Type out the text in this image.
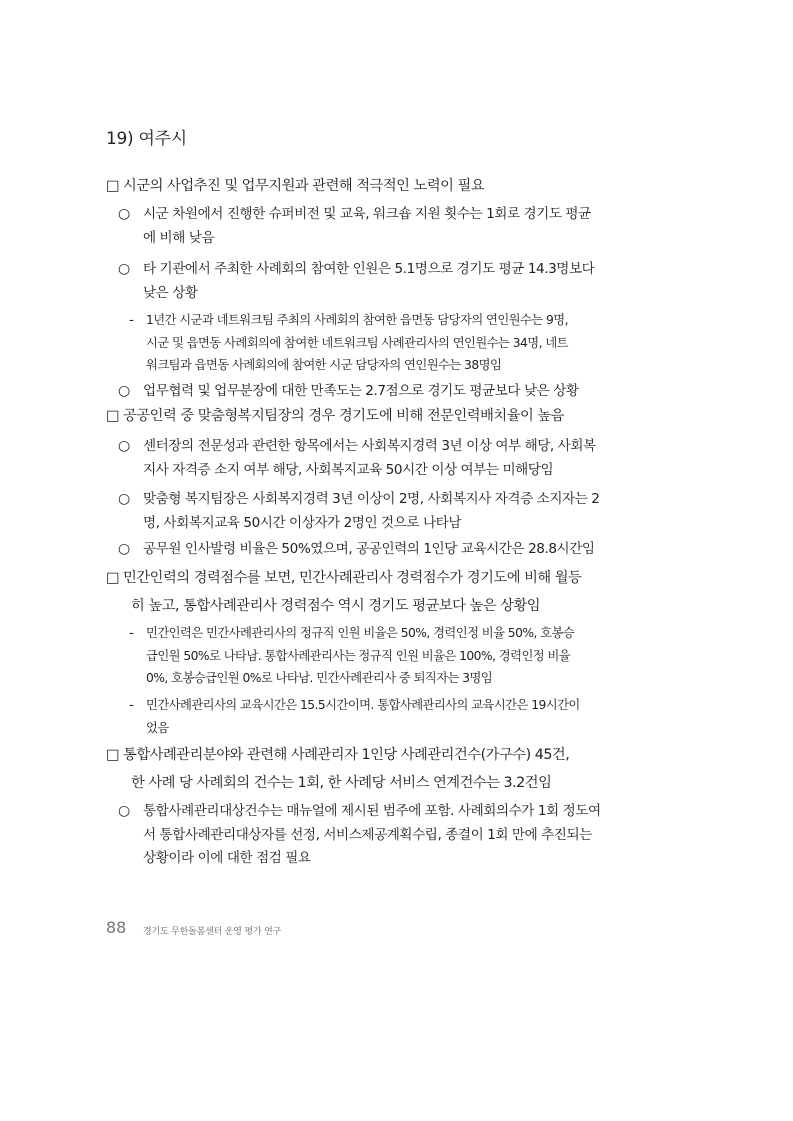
19) 여주시
□ 시군의 사업추진 및 업무지원과 관련해 적극적인 노력이 필요
○ 시군 차원에서 진행한 슈퍼비전 및 교육, 워크숍 지원 횟수는 1회로 경기도 평균
에 비해 낮음
○ 타 기관에서 주최한 사례회의 참여한 인원은 5.1명으로 경기도 평균 14.3명보다
낮은 상황
- 1년간 시군과 네트워크팀 주최의 사례회의 참여한 읍면동 담당자의 연인원수는 9명,
시군 및 읍면동 사례회의에 참여한 네트워크팀 사례관리사의 연인원수는 34명, 네트
워크팀과 읍면동 사례회의에 참여한 시군 담당자의 연인원수는 38명임
○ 업무협력 및 업무분장에 대한 만족도는 2.7점으로 경기도 평균보다 낮은 상황
□ 공공인력 중 맞춤형복지팀장의 경우 경기도에 비해 전문인력배치율이 높음
○ 센터장의 전문성과 관련한 항목에서는 사회복지경력 3년 이상 여부 해당, 사회복
지사 자격증 소지 여부 해당, 사회복지교육 50시간 이상 여부는 미해당임
○ 맞춤형 복지팀장은 사회복지경력 3년 이상이 2명, 사회복지사 자격증 소지자는 2
명, 사회복지교육 50시간 이상자가 2명인 것으로 나타남
○ 공무원 인사발령 비율은 50%였으며, 공공인력의 1인당 교육시간은 28.8시간임
□ 민간인력의 경력점수를 보면, 민간사례관리사 경력점수가 경기도에 비해 월등
히 높고, 통합사례관리사 경력점수 역시 경기도 평균보다 높은 상황임
- 민간인력은 민간사례관리사의 정규직 인원 비율은 50%, 경력인정 비율 50%, 호봉승
급인원 50%로 나타남. 통합사례관리사는 정규직 인원 비율은 100%, 경력인정 비율
0%, 호봉승급인원 0%로 나타남. 민간사례관리사 중 퇴직자는 3명임
- 민간사례관리사의 교육시간은 15.5시간이며. 통합사례관리사의 교육시간은 19시간이
었음
□ 통합사례관리분야와 관련해 사례관리자 1인당 사례관리건수(가구수) 45건,
한 사례 당 사례회의 건수는 1회, 한 사례당 서비스 연계건수는 3.2건임
○ 통합사례관리대상건수는 매뉴얼에 제시된 범주에 포함. 사례회의수가 1회 정도여
서 통합사례관리대상자를 선정, 서비스제공계획수립, 종결이 1회 만에 추진되는
상황이라 이에 대한 점검 필요
88 경기도 무한돌봄센터 운영 평가 연구
